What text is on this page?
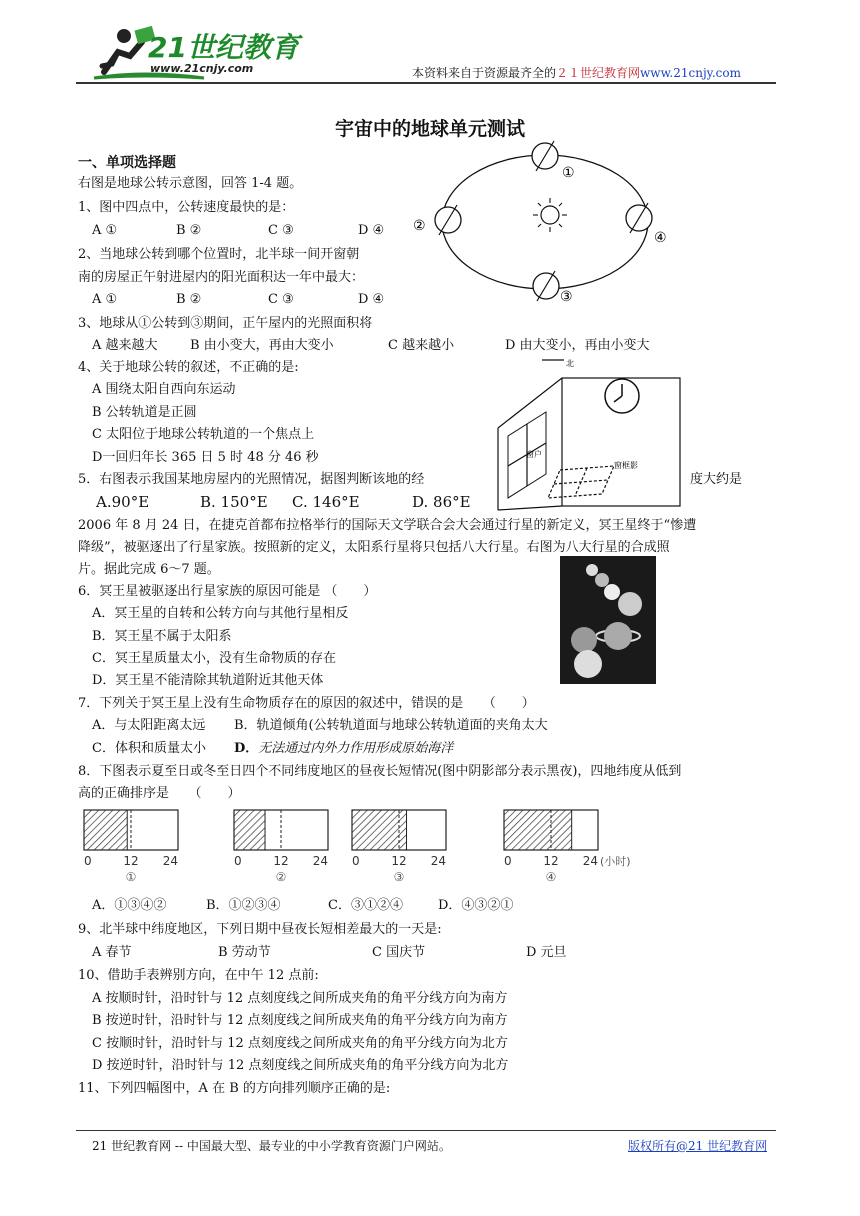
21世纪教育
www.21cnjy.com	本资料来自于资源最齐全的２１世纪教育网www.21cnjy.com
宇宙中的地球单元测试
一、单项选择题
右图是地球公转示意图，回答 1-4 题。
1、图中四点中，公转速度最快的是：
A ①	B ②	C ③	D ④
2、当地球公转到哪个位置时，北半球一间开窗朝
南的房屋正午射进屋内的阳光面积达一年中最大：
A ①	B ②	C ③	D ④
①
②
③
④
3、地球从①公转到③期间，正午屋内的光照面积将
A 越来越大 B 由小变大，再由大变小	C 越来越小	D 由大变小，再由小变大
4、关于地球公转的叙述，不正确的是:
A 围绕太阳自西向东运动
B 公转轨道是正圆
C 太阳位于地球公转轨道的一个焦点上
D一回归年长 365 日 5 时 48 分 46 秒
北
窗户
窗框影
5．右图表示我国某地房屋内的光照情况，据图判断该地的经	度大约是
A.90°E	B. 150°E C. 146°E	D. 86°E
2006 年 8 月 24 日，在捷克首都布拉格举行的国际天文学联合会大会通过行星的新定义，冥王星终于“惨遭
降级”，被驱逐出了行星家族。按照新的定义，太阳系行星将只包括八大行星。右图为八大行星的合成照
片。据此完成 6～7 题。
6．冥王星被驱逐出行星家族的原因可能是 （　　）
A．冥王星的自转和公转方向与其他行星相反
B．冥王星不属于太阳系
C．冥王星质量太小，没有生命物质的存在
D．冥王星不能清除其轨道附近其他天体
7．下列关于冥王星上没有生命物质存在的原因的叙述中，错误的是　　（　　）
A．与太阳距离太远 B．轨道倾角(公转轨道面与地球公转轨道面的夹角太大
C．体积和质量太小 D．无法通过内外力作用形成原始海洋
8．下图表示夏至日或冬至日四个不同纬度地区的昼夜长短情况(图中阴影部分表示黑夜)，四地纬度从低到
高的正确排序是　　（　　）
0	12 24
①
0	12 24
②
0	12 24
③
0	12 24
④
(小时)
A．①③④②	B．①②③④	C．③①②④	D．④③②①
9、北半球中纬度地区，下列日期中昼夜长短相差最大的一天是:
A 春节	B 劳动节	C 国庆节	D 元旦
10、借助手表辨别方向，在中午 12 点前:
A 按顺时针，沿时针与 12 点刻度线之间所成夹角的角平分线方向为南方
B 按逆时针，沿时针与 12 点刻度线之间所成夹角的角平分线方向为南方
C 按顺时针，沿时针与 12 点刻度线之间所成夹角的角平分线方向为北方
D 按逆时针，沿时针与 12 点刻度线之间所成夹角的角平分线方向为北方
11、下列四幅图中，A 在 B 的方向排列顺序正确的是:
21 世纪教育网 -- 中国最大型、最专业的中小学教育资源门户网站。	版权所有@21 世纪教育网
